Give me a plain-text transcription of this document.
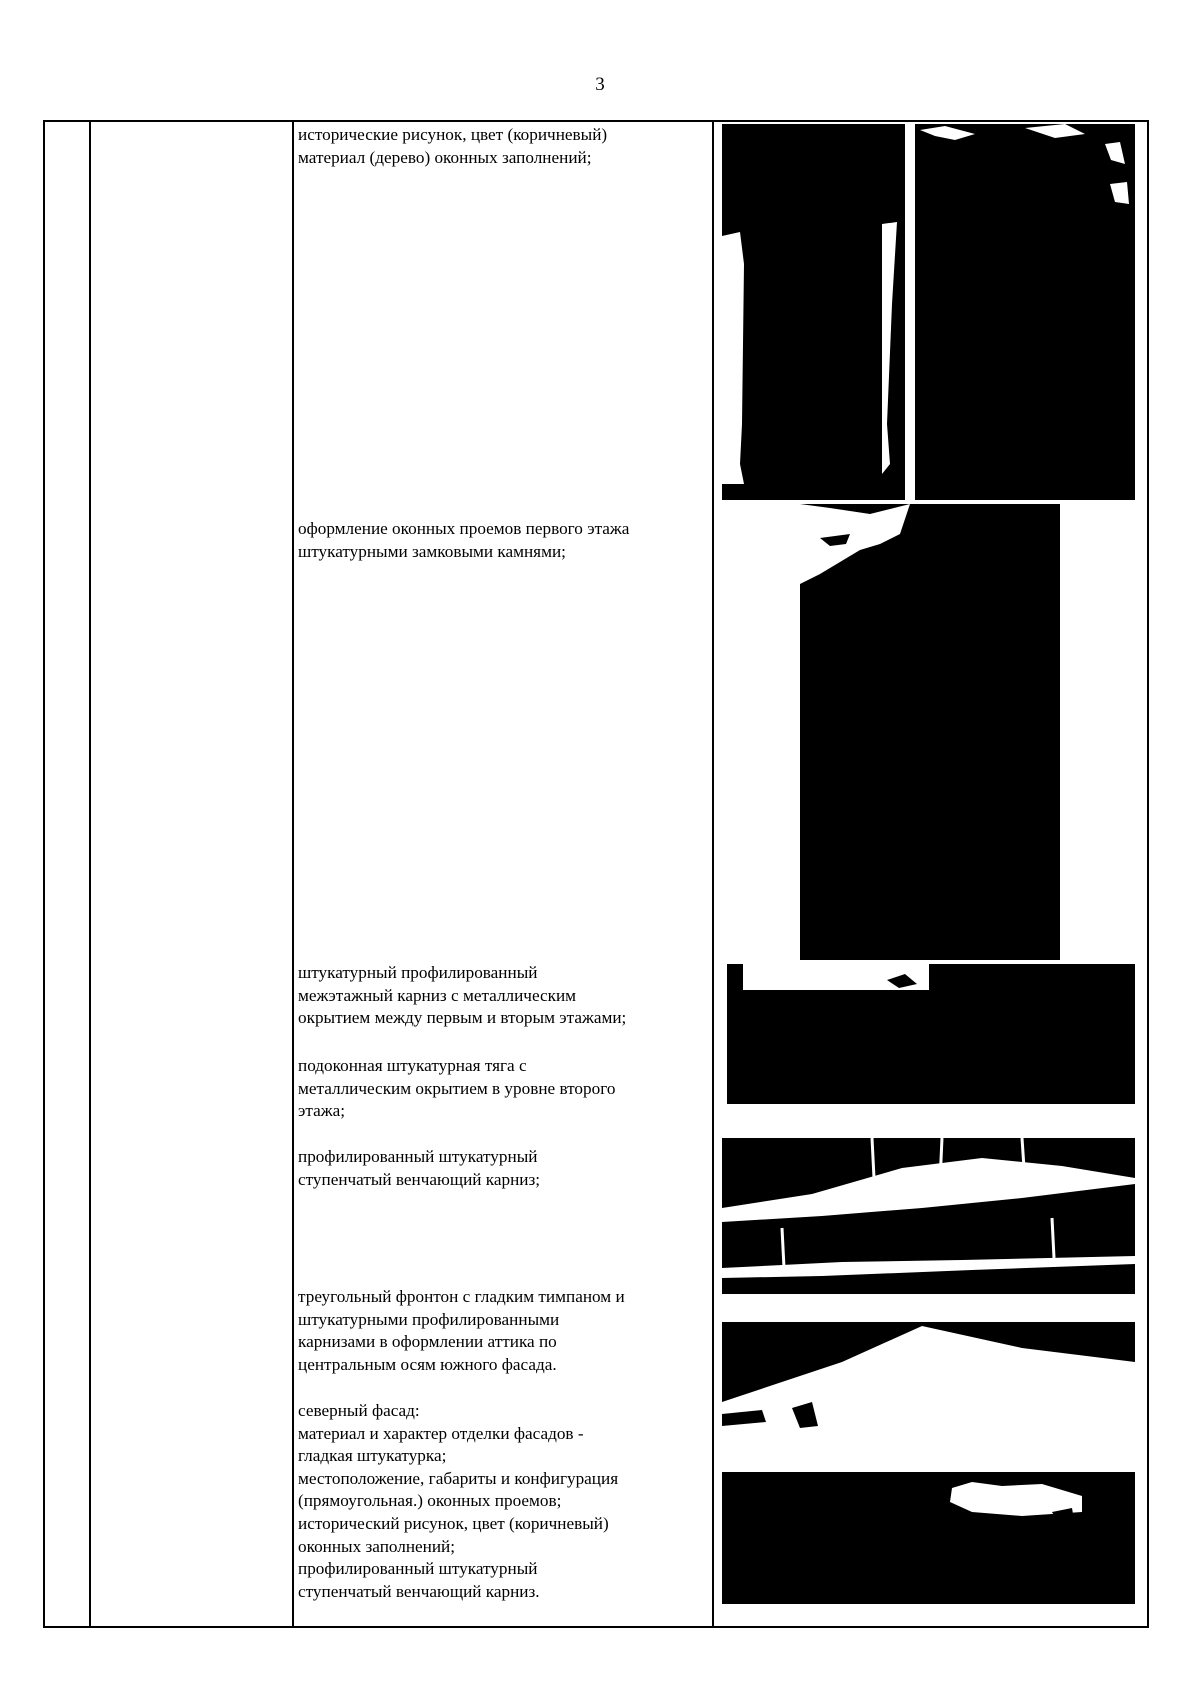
3

исторические рисунок, цвет (коричневый)

материал (дерево) оконных заполнений;

оформление оконных проемов первого этажа

штукатурными замковыми камнями;

штукатурный профилированный

межэтажный карниз с металлическим

окрытием между первым и вторым этажами;

подоконная штукатурная тяга с

металлическим окрытием в уровне второго

этажа;

профилированный штукатурный

ступенчатый венчающий карниз;

треугольный фронтон с гладким тимпаном и

штукатурными профилированными

карнизами в оформлении аттика по

центральным осям южного фасада.

северный фасад:

материал и характер отделки фасадов -

гладкая штукатурка;

местоположение, габариты и конфигурация

(прямоугольная.) оконных проемов;

исторический рисунок, цвет (коричневый)

оконных заполнений;

профилированный штукатурный

ступенчатый венчающий карниз.
